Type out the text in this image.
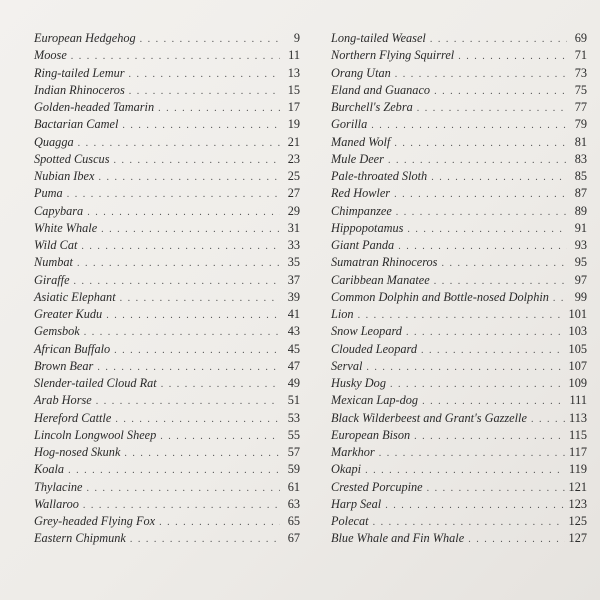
European Hedgehog . . .	9
Moose . . .	11
Ring-tailed Lemur . . .	13
Indian Rhinoceros . . .	15
Golden-headed Tamarin . . .	17
Bactarian Camel . . .	19
Quagga . . .	21
Spotted Cuscus . . .	23
Nubian Ibex . . .	25
Puma . . .	27
Capybara . . .	29
White Whale . . .	31
Wild Cat . . .	33
Numbat . . .	35
Giraffe . . .	37
Asiatic Elephant . . .	39
Greater Kudu . . .	41
Gemsbok . . .	43
African Buffalo . . .	45
Brown Bear . . .	47
Slender-tailed Cloud Rat . . .	49
Arab Horse . . .	51
Hereford Cattle . . .	53
Lincoln Longwool Sheep . . .	55
Hog-nosed Skunk . . .	57
Koala . . .	59
Thylacine . . .	61
Wallaroo . . .	63
Grey-headed Flying Fox . . .	65
Eastern Chipmunk . . .	67
Long-tailed Weasel . . .	69
Northern Flying Squirrel . . .	71
Orang Utan . . .	73
Eland and Guanaco . . .	75
Burchell's Zebra . . .	77
Gorilla . . .	79
Maned Wolf . . .	81
Mule Deer . . .	83
Pale-throated Sloth . . .	85
Red Howler . . .	87
Chimpanzee . . .	89
Hippopotamus . . .	91
Giant Panda . . .	93
Sumatran Rhinoceros . . .	95
Caribbean Manatee . . .	97
Common Dolphin and Bottle-nosed Dolphin . . .	99
Lion . . .	101
Snow Leopard . . .	103
Clouded Leopard . . .	105
Serval . . .	107
Husky Dog . . .	109
Mexican Lap-dog . . .	111
Black Wilderbeest and Grant's Gazzelle . . .	113
European Bison . . .	115
Markhor . . .	117
Okapi . . .	119
Crested Porcupine . . .	121
Harp Seal . . .	123
Polecat . . .	125
Blue Whale and Fin Whale . . .	127
